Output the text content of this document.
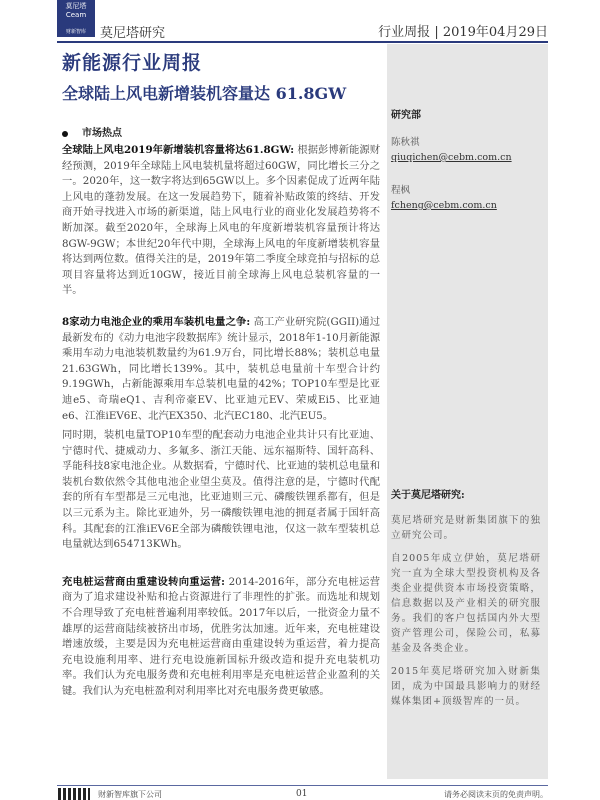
莫尼塔
Ceam
财新智库	莫尼塔研究	行业周报 | 2019年04月29日
新能源行业周报
全球陆上风电新增装机容量达 61.8GW
市场热点

全球陆上风电2019年新增装机容量将达61.8GW: 根据彭博新能源财经预测，2019年全球陆上风电装机量将超过60GW，同比增长三分之一。2020年，这一数字将达到65GW以上。多个因素促成了近两年陆上风电的蓬勃发展。在这一发展趋势下，随着补贴政策的终结、开发商开始寻找进入市场的新渠道，陆上风电行业的商业化发展趋势将不断加深。截至2020年，全球海上风电的年度新增装机容量预计将达8GW-9GW；本世纪20年代中期，全球海上风电的年度新增装机容量将达到两位数。值得关注的是，2019年第二季度全球竞拍与招标的总项目容量将达到近10GW，接近目前全球海上风电总装机容量的一半。

8家动力电池企业的乘用车装机电量之争: 高工产业研究院(GGII)通过最新发布的《动力电池字段数据库》统计显示，2018年1-10月新能源乘用车动力电池装机数量约为61.9万台，同比增长88%；装机总电量21.63GWh，同比增长139%。其中，装机总电量前十车型合计约9.19GWh，占新能源乘用车总装机电量的42%；TOP10车型是比亚迪e5、奇瑞eQ1、吉利帝豪EV、比亚迪元EV、荣威Ei5、比亚迪e6、江淮iEV6E、北汽EX350、北汽EC180、北汽EU5。

同时期，装机电量TOP10车型的配套动力电池企业共计只有比亚迪、宁德时代、捷威动力、多氟多、浙江天能、远东福斯特、国轩高科、孚能科技8家电池企业。从数据看，宁德时代、比亚迪的装机总电量和装机台数依然令其他电池企业望尘莫及。值得注意的是，宁德时代配套的所有车型都是三元电池，比亚迪则三元、磷酸铁锂系都有，但是以三元系为主。除比亚迪外，另一磷酸铁锂电池的拥趸者属于国轩高科。其配套的江淮iEV6E全部为磷酸铁锂电池，仅这一款车型装机总电量就达到654713KWh。

充电桩运营商由重建设转向重运营: 2014-2016年，部分充电桩运营商为了追求建设补贴和抢占资源进行了非理性的扩张。而选址和规划不合理导致了充电桩普遍利用率较低。2017年以后，一批资金力量不雄厚的运营商陆续被挤出市场，优胜劣汰加速。近年来，充电桩建设增速放缓，主要是因为充电桩运营商由重建设转为重运营，着力提高充电设施利用率、进行充电设施新国标升级改造和提升充电装机功率。我们认为充电服务费和充电桩利用率是充电桩运营企业盈利的关键。我们认为充电桩盈利对利用率比对充电服务费更敏感。

研究部
陈秋祺
qiuqichen@cebm.com.cn
程枫
fcheng@cebm.com.cn
关于莫尼塔研究:

莫尼塔研究是财新集团旗下的独立研究公司。

自2005年成立伊始，莫尼塔研究一直为全球大型投资机构及各类企业提供资本市场投资策略，信息数据以及产业相关的研究服务。我们的客户包括国内外大型资产管理公司，保险公司，私募基金及各类企业。

2015年莫尼塔研究加入财新集团，成为中国最具影响力的财经媒体集团+顶级智库的一员。

财新智库旗下公司	01	请务必阅读末页的免责声明。
